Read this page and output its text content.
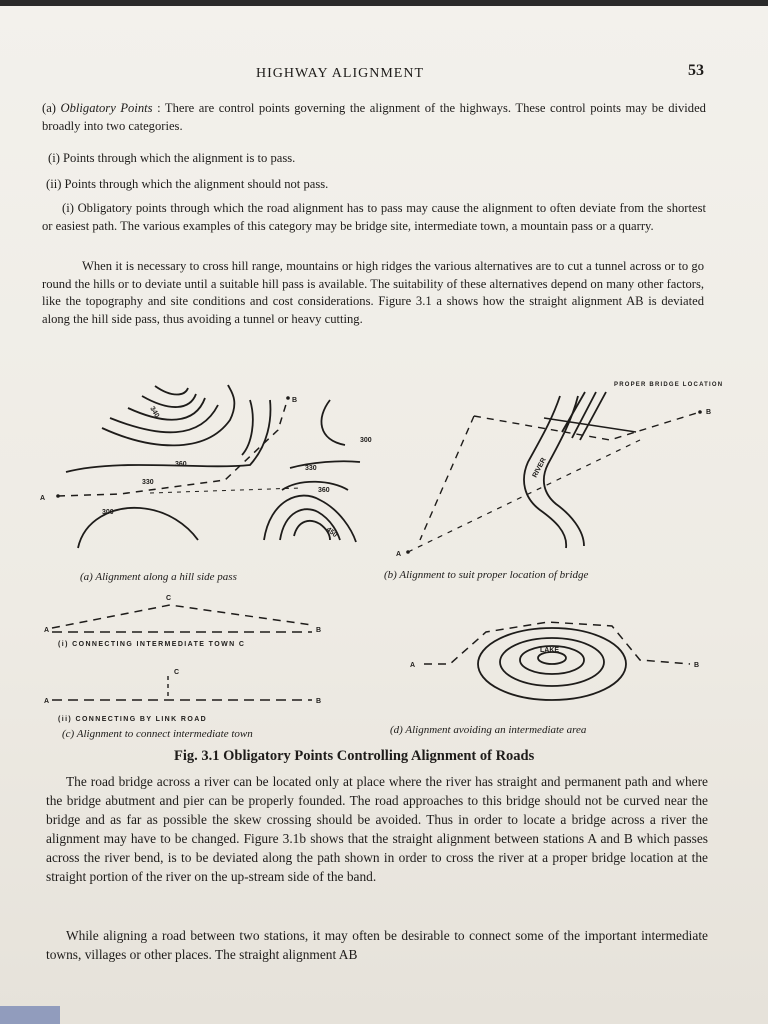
HIGHWAY ALIGNMENT	53

(a) Obligatory Points : There are control points governing the alignment of the highways. These control points may be divided broadly into two categories.

(i) Points through which the alignment is to pass.

(ii) Points through which the alignment should not pass.

(i) Obligatory points through which the road alignment has to pass may cause the alignment to often deviate from the shortest or easiest path. The various examples of this category may be bridge site, intermediate town, a mountain pass or a quarry.

When it is necessary to cross hill range, mountains or high ridges the various alternatives are to cut a tunnel across or to go round the hills or to deviate until a suitable hill pass is available. The suitability of these alternatives depend on many other factors, like the topography and site conditions and cost considerations. Figure 3.1 a shows how the straight alignment AB is deviated along the hill side pass, thus avoiding a tunnel or heavy cutting.

A
B
340
360
330
330
300
300
360
450
PROPER BRIDGE LOCATION
RIVER
A
B
A	B
C
A	B
C
A	B
LAKE
(a) Alignment along a hill side pass	(b) Alignment to suit proper location of bridge
(i) CONNECTING INTERMEDIATE TOWN C
(ii) CONNECTING BY LINK ROAD
(c) Alignment to connect intermediate town	(d) Alignment avoiding an intermediate area
Fig. 3.1 Obligatory Points Controlling Alignment of Roads

The road bridge across a river can be located only at place where the river has straight and permanent path and where the bridge abutment and pier can be properly founded. The road approaches to this bridge should not be curved near the bridge and as far as possible the skew crossing should be avoided. Thus in order to locate a bridge across a river the alignment may have to be changed. Figure 3.1b shows that the straight alignment between stations A and B which passes across the river bend, is to be deviated along the path shown in order to cross the river at a proper bridge location at the straight portion of the river on the up-stream side of the band.

While aligning a road between two stations, it may often be desirable to connect some of the important intermediate towns, villages or other places. The straight alignment AB
